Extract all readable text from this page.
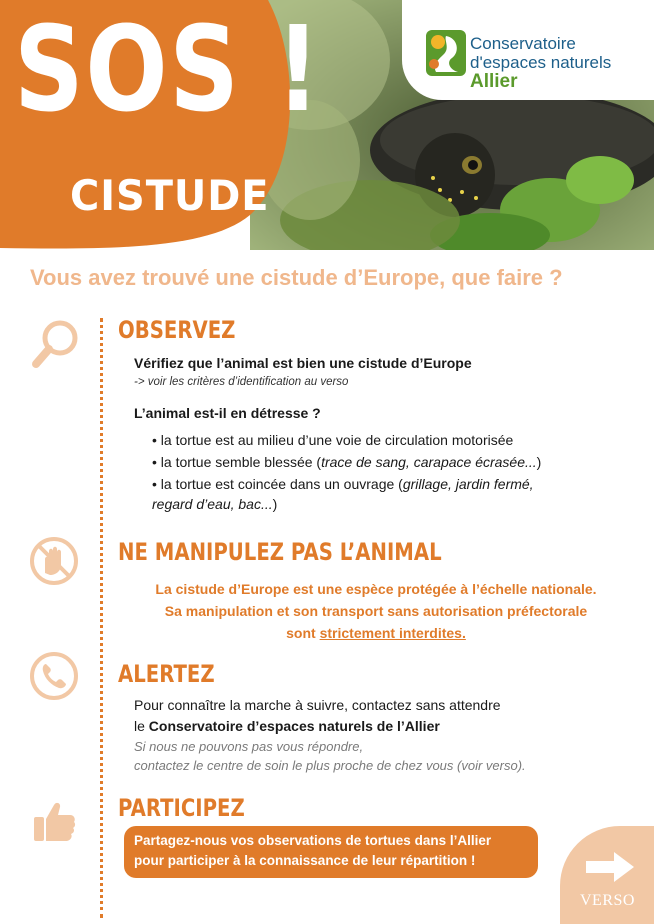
SOS !
CISTUDE
Conservatoire
d'espaces naturels
Allier
Vous avez trouvé une cistude d’Europe, que faire ?
OBSERVEZ
Vérifiez que l’animal est bien une cistude d’Europe
-> voir les critères d’identification au verso
L’animal est-il en détresse ?
• la tortue est au milieu d’une voie de circulation motorisée
• la tortue semble blessée (trace de sang, carapace écrasée...)
• la tortue est coincée dans un ouvrage (grillage, jardin fermé,
regard d’eau, bac...)
NE MANIPULEZ PAS L’ANIMAL
La cistude d’Europe est une espèce protégée à l’échelle nationale.
Sa manipulation et son transport sans autorisation préfectorale
sont strictement interdites.
ALERTEZ
Pour connaître la marche à suivre, contactez sans attendre
le Conservatoire d’espaces naturels de l’Allier
Si nous ne pouvons pas vous répondre,
contactez le centre de soin le plus proche de chez vous (voir verso).
PARTICIPEZ
Partagez-nous vos observations de tortues dans l’Allier
pour participer à la connaissance de leur répartition !
VERSO
